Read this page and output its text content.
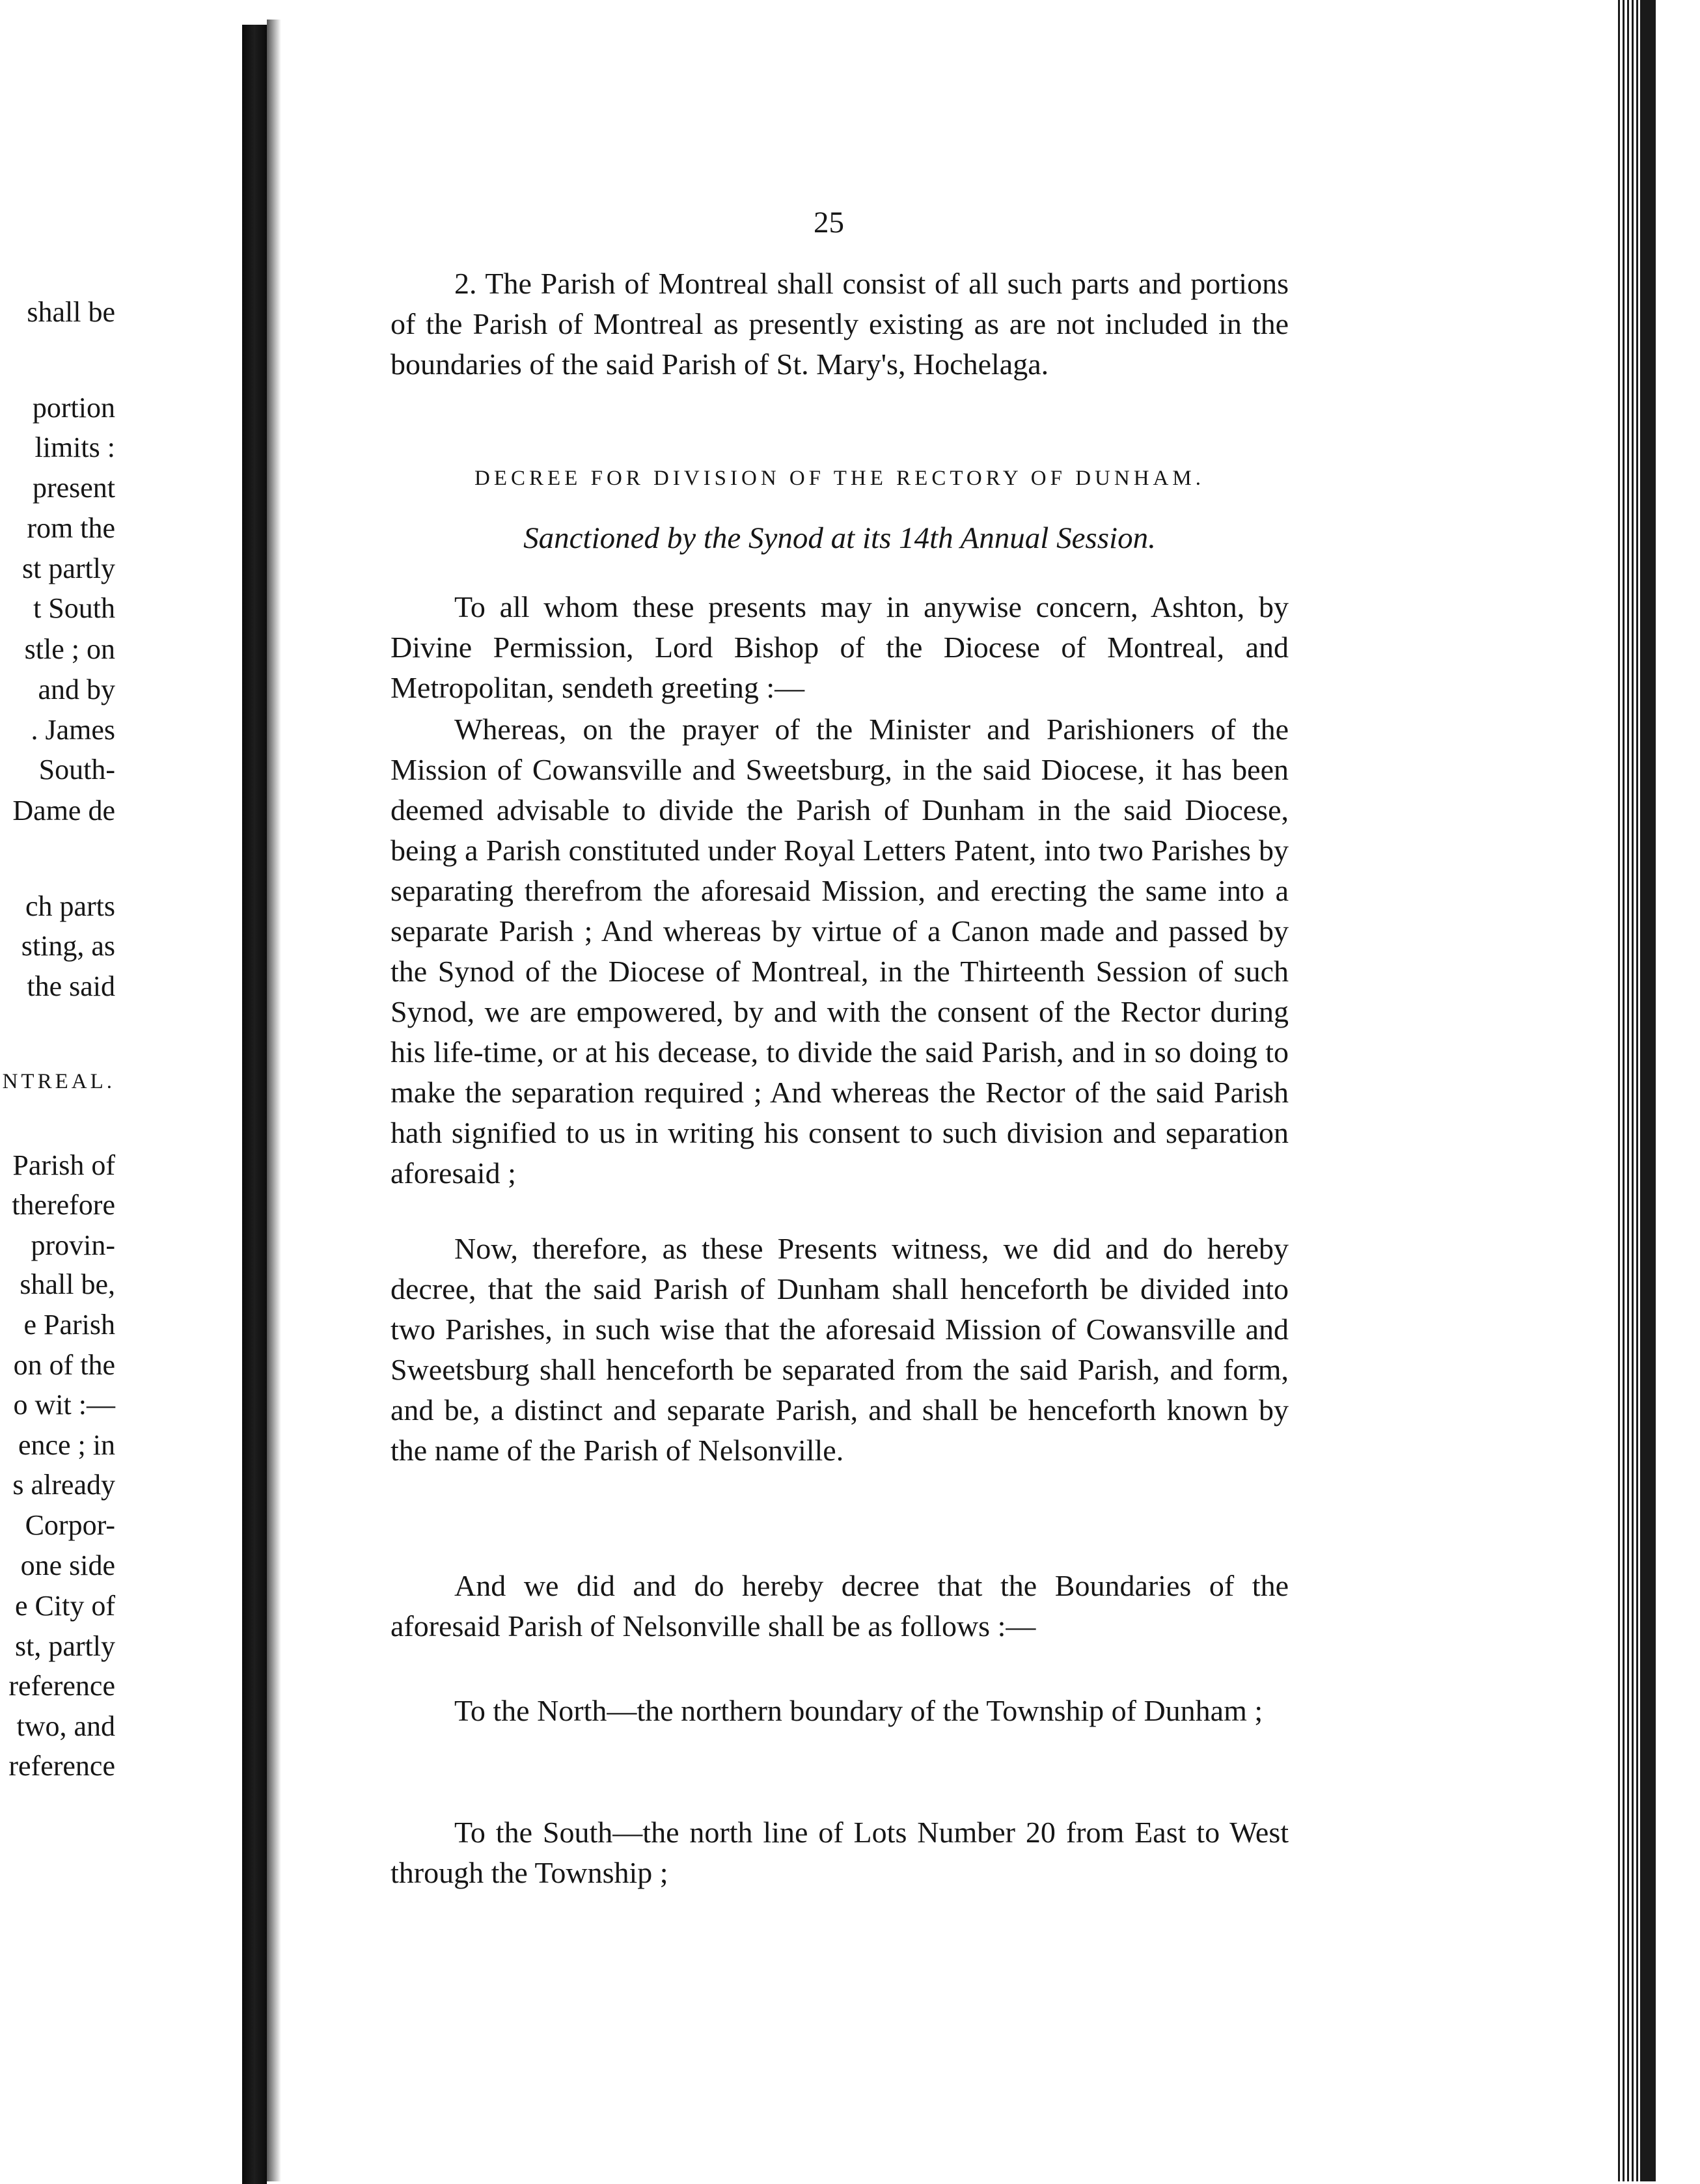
shall be
portion
limits :
present
rom the
st partly
t South
stle ; on
and by
. James
South-
Dame de
ch parts
sting, as
the said
NTREAL.
Parish of
therefore
provin-
shall be,
e Parish
on of the
o wit :—
ence ; in
s already
Corpor-
one side
e City of
st, partly
reference
two, and
reference
25

2. The Parish of Montreal shall consist of all such parts and portions of the Parish of Montreal as presently existing as are not included in the boundaries of the said Parish of St. Mary's, Hochelaga.

DECREE FOR DIVISION OF THE RECTORY OF DUNHAM.
Sanctioned by the Synod at its 14th Annual Session.

To all whom these presents may in anywise concern, Ashton, by Divine Permission, Lord Bishop of the Diocese of Montreal, and Metropolitan, sendeth greeting :—

Whereas, on the prayer of the Minister and Parishioners of the Mission of Cowansville and Sweetsburg, in the said Diocese, it has been deemed advisable to divide the Parish of Dunham in the said Diocese, being a Parish constituted under Royal Letters Patent, into two Parishes by separating therefrom the aforesaid Mission, and erecting the same into a separate Parish ; And whereas by virtue of a Canon made and passed by the Synod of the Diocese of Montreal, in the Thirteenth Session of such Synod, we are empowered, by and with the consent of the Rector during his life-time, or at his decease, to divide the said Parish, and in so doing to make the separation required ; And whereas the Rector of the said Parish hath signified to us in writing his consent to such division and separation aforesaid ;

Now, therefore, as these Presents witness, we did and do hereby decree, that the said Parish of Dunham shall henceforth be divided into two Parishes, in such wise that the aforesaid Mission of Cowansville and Sweetsburg shall henceforth be separated from the said Parish, and form, and be, a distinct and separate Parish, and shall be henceforth known by the name of the Parish of Nelsonville.

And we did and do hereby decree that the Boundaries of the aforesaid Parish of Nelsonville shall be as follows :—

To the North—the northern boundary of the Township of Dunham ;

To the South—the north line of Lots Number 20 from East to West through the Township ;
